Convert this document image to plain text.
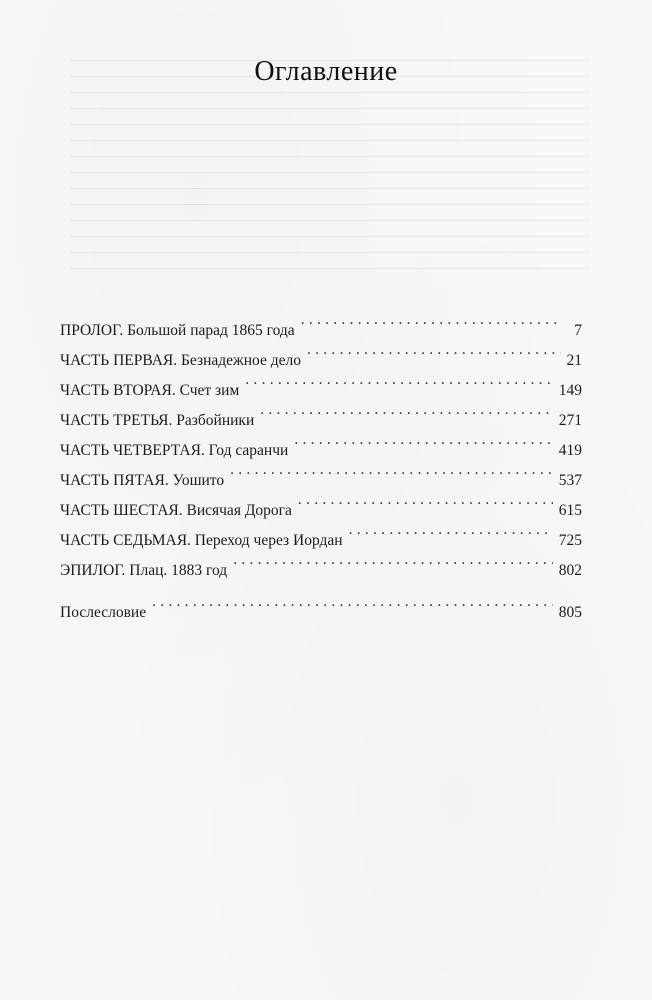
Оглавление
ПРОЛОГ. Большой парад 1865 года . . .	7
ЧАСТЬ ПЕРВАЯ. Безнадежное дело . . .	21
ЧАСТЬ ВТОРАЯ. Счет зим . . .	149
ЧАСТЬ ТРЕТЬЯ. Разбойники . . .	271
ЧАСТЬ ЧЕТВЕРТАЯ. Год саранчи . . .	419
ЧАСТЬ ПЯТАЯ. Уошито . . .	537
ЧАСТЬ ШЕСТАЯ. Висячая Дорога . . .	615
ЧАСТЬ СЕДЬМАЯ. Переход через Иордан . . .	725
ЭПИЛОГ. Плац. 1883 год . . .	802
Послесловие . . .	805
